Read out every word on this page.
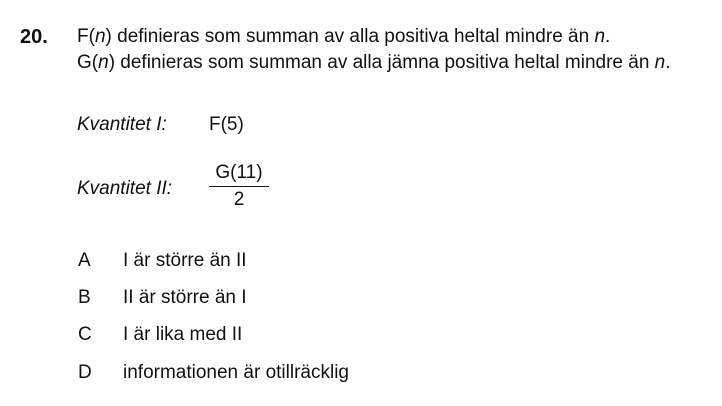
20. F(n) definieras som summan av alla positiva heltal mindre än n.
G(n) definieras som summan av alla jämna positiva heltal mindre än n.
Kvantitet I: F(5)
Kvantitet II:
G(11)
2
A I är större än II
B II är större än I
C I är lika med II
D informationen är otillräcklig
